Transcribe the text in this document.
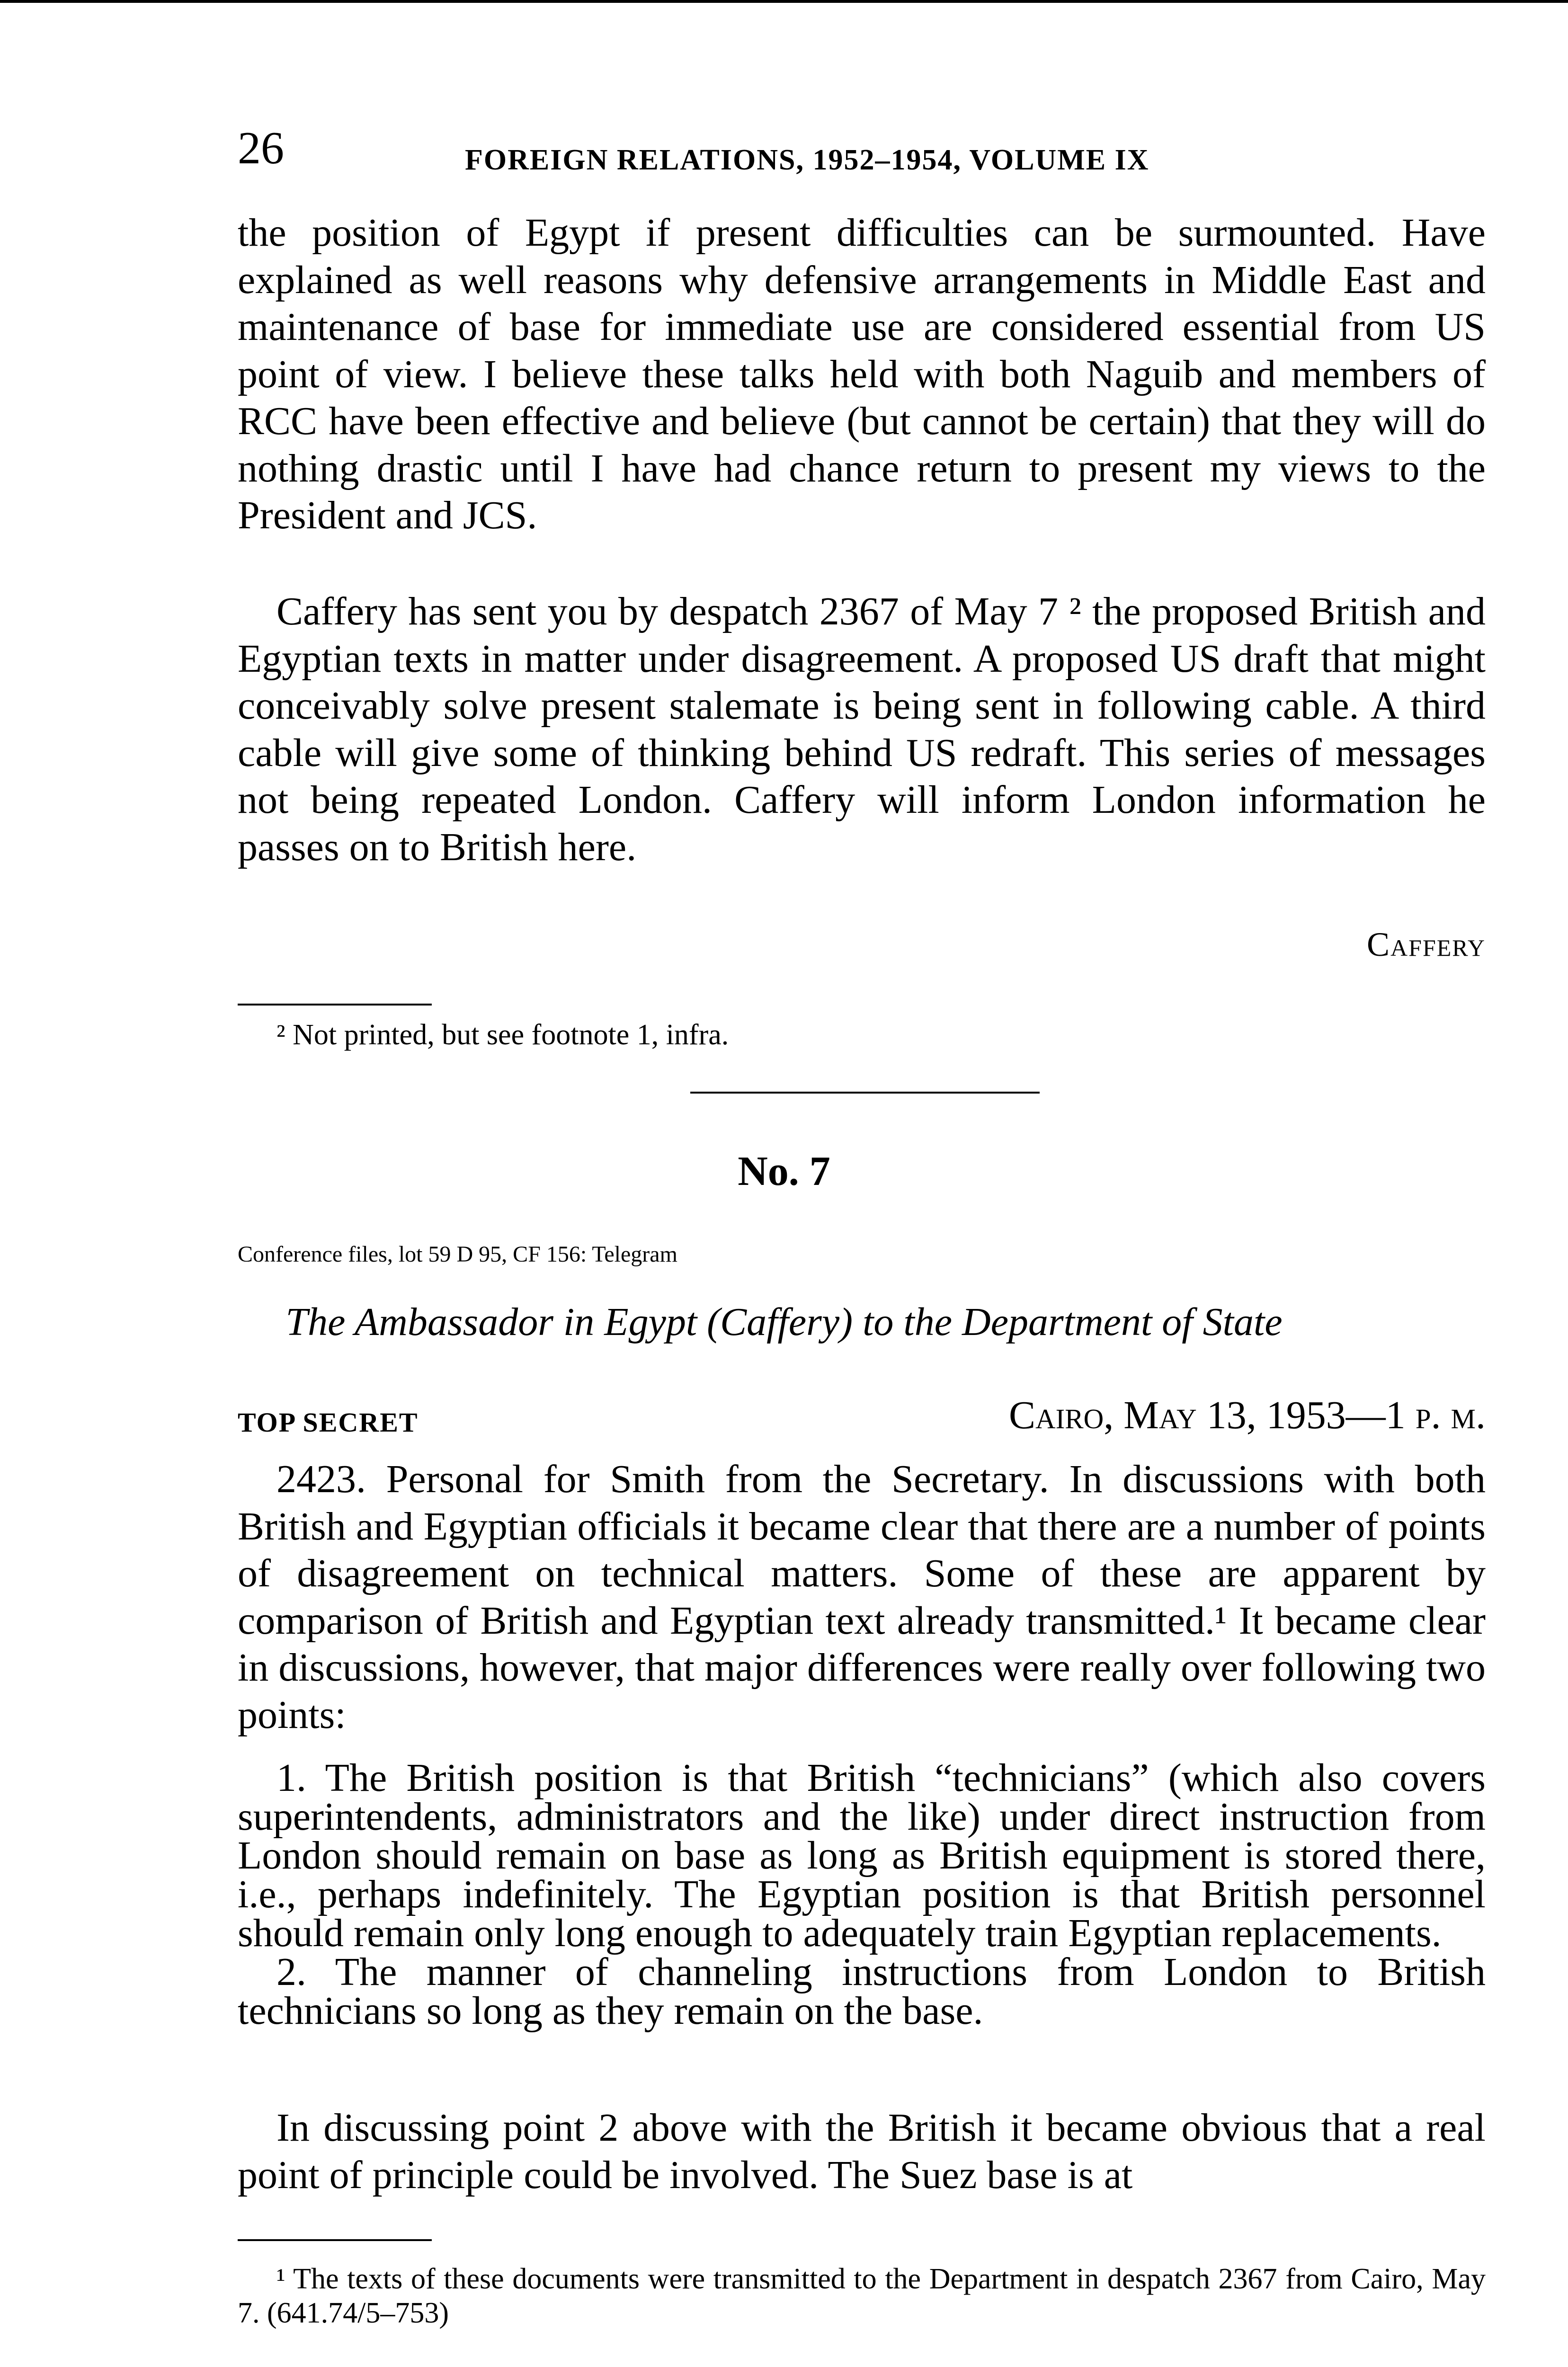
26	FOREIGN RELATIONS, 1952–1954, VOLUME IX

the position of Egypt if present difficulties can be surmounted. Have explained as well reasons why defensive arrangements in Middle East and maintenance of base for immediate use are considered essential from US point of view. I believe these talks held with both Naguib and members of RCC have been effective and believe (but cannot be certain) that they will do nothing drastic until I have had chance return to present my views to the President and JCS.

Caffery has sent you by despatch 2367 of May 7 ² the proposed British and Egyptian texts in matter under disagreement. A proposed US draft that might conceivably solve present stalemate is being sent in following cable. A third cable will give some of thinking behind US redraft. This series of messages not being repeated London. Caffery will inform London information he passes on to British here.

Caffery

² Not printed, but see footnote 1, infra.

No. 7
Conference files, lot 59 D 95, CF 156: Telegram
The Ambassador in Egypt (Caffery) to the Department of State
TOP SECRET	Cairo, May 13, 1953—1 p. m.

2423. Personal for Smith from the Secretary. In discussions with both British and Egyptian officials it became clear that there are a number of points of disagreement on technical matters. Some of these are apparent by comparison of British and Egyptian text already transmitted.¹ It became clear in discussions, however, that major differences were really over following two points:

1. The British position is that British “technicians” (which also covers superintendents, administrators and the like) under direct instruction from London should remain on base as long as British equipment is stored there, i.e., perhaps indefinitely. The Egyptian position is that British personnel should remain only long enough to adequately train Egyptian replacements.

2. The manner of channeling instructions from London to British technicians so long as they remain on the base.

In discussing point 2 above with the British it became obvious that a real point of principle could be involved. The Suez base is at

¹ The texts of these documents were transmitted to the Department in despatch 2367 from Cairo, May 7. (641.74/5–753)
